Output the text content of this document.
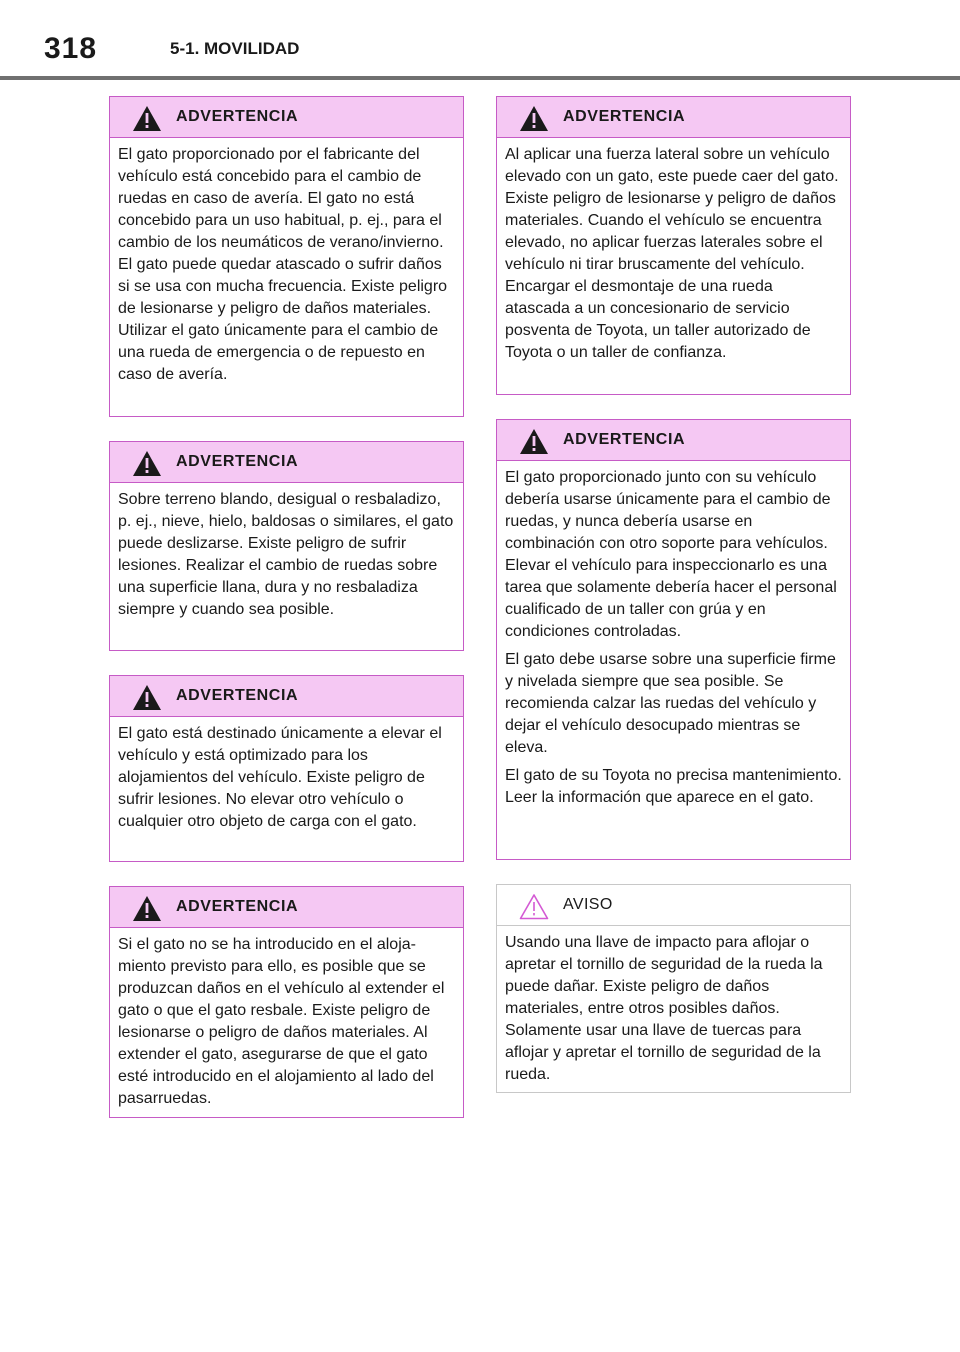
318	5-1. MOVILIDAD
ADVERTENCIA

El gato proporcionado por el fabricante del vehículo está concebido para el cambio de ruedas en caso de avería. El gato no está concebido para un uso habitual, p. ej., para el cambio de los neumáticos de verano/invierno. El gato puede quedar atascado o sufrir daños si se usa con mucha frecuencia. Existe peligro de lesionarse y peligro de daños materiales. Utilizar el gato únicamente para el cambio de una rueda de emergencia o de repuesto en caso de avería.

ADVERTENCIA

Sobre terreno blando, desigual o resbaladizo, p. ej., nieve, hielo, baldosas o similares, el gato puede deslizarse. Existe peligro de sufrir lesiones. Realizar el cambio de ruedas sobre una superficie llana, dura y no resbaladiza siempre y cuando sea posible.

ADVERTENCIA

El gato está destinado únicamente a elevar el vehículo y está optimizado para los alojamientos del vehículo. Existe peligro de sufrir lesiones. No elevar otro vehículo o cualquier otro objeto de carga con el gato.

ADVERTENCIA

Si el gato no se ha introducido en el alojamiento previsto para ello, es posible que se produzcan daños en el vehículo al extender el gato o que el gato resbale. Existe peligro de lesionarse o peligro de daños materiales. Al extender el gato, asegurarse de que el gato esté introducido en el alojamiento al lado del pasarruedas.

ADVERTENCIA

Al aplicar una fuerza lateral sobre un vehículo elevado con un gato, este puede caer del gato. Existe peligro de lesionarse y peligro de daños materiales. Cuando el vehículo se encuentra elevado, no aplicar fuerzas laterales sobre el vehículo ni tirar bruscamente del vehículo. Encargar el desmontaje de una rueda atascada a un concesionario de servicio posventa de Toyota, un taller autorizado de Toyota o un taller de confianza.

ADVERTENCIA

El gato proporcionado junto con su vehículo debería usarse únicamente para el cambio de ruedas, y nunca debería usarse en combinación con otro soporte para vehículos. Elevar el vehículo para inspeccionarlo es una tarea que solamente debería hacer el personal cualificado de un taller con grúa y en condiciones controladas.

El gato debe usarse sobre una superficie firme y nivelada siempre que sea posible. Se recomienda calzar las ruedas del vehículo y dejar el vehículo desocupado mientras se eleva.

El gato de su Toyota no precisa mantenimiento. Leer la información que aparece en el gato.

AVISO

Usando una llave de impacto para aflojar o apretar el tornillo de seguridad de la rueda la puede dañar. Existe peligro de daños materiales, entre otros posibles daños. Solamente usar una llave de tuercas para aflojar y apretar el tornillo de seguridad de la rueda.
